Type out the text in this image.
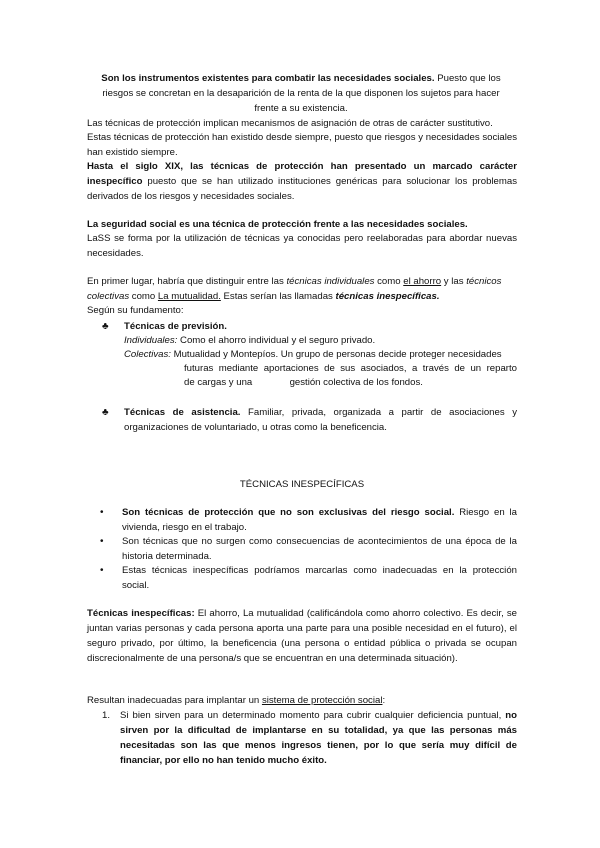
Son los instrumentos existentes para combatir las necesidades sociales. Puesto que los riesgos se concretan en la desaparición de la renta de la que disponen los sujetos para hacer frente a su existencia.
Las técnicas de protección implican mecanismos de asignación de otras de carácter sustitutivo.
Estas técnicas de protección han existido desde siempre, puesto que riesgos y necesidades sociales han existido siempre.
Hasta el siglo XIX, las técnicas de protección han presentado un marcado carácter inespecífico puesto que se han utilizado instituciones genéricas para solucionar los problemas derivados de los riesgos y necesidades sociales.
La seguridad social es una técnica de protección frente a las necesidades sociales.
LaSS se forma por la utilización de técnicas ya conocidas pero reelaboradas para abordar nuevas necesidades.
En primer lugar, habría que distinguir entre las técnicas individuales como el ahorro y las técnicos colectivas como La mutualidad. Estas serían las llamadas técnicas inespecíficas.
Según su fundamento:
♣	Técnicas de previsión.
Individuales: Como el ahorro individual y el seguro privado.
Colectivas: Mutualidad y Montepíos. Un grupo de personas decide proteger necesidades
futuras mediante aportaciones de sus asociados, a través de un reparto
de cargas y una              gestión colectiva de los fondos.
♣	Técnicas de asistencia. Familiar, privada, organizada a partir de asociaciones y organizaciones de voluntariado, u otras como la beneficencia.
TÉCNICAS INESPECÍFICAS
•	Son técnicas de protección que no son exclusivas del riesgo social. Riesgo en la vivienda, riesgo en el trabajo.
•	Son técnicas que no surgen como consecuencias de acontecimientos de una época de la historia determinada.
•	Estas técnicas inespecíficas podríamos marcarlas como inadecuadas en la protección social.
Técnicas inespecíficas: El ahorro, La mutualidad (calificándola como ahorro colectivo. Es decir, se juntan varias personas y cada persona aporta una parte para una posible necesidad en el futuro), el seguro privado, por último, la beneficencia (una persona o entidad pública o privada se ocupan discrecionalmente de una persona/s que se encuentran en una determinada situación).
Resultan inadecuadas para implantar un sistema de protección social:
1.	Si bien sirven para un determinado momento para cubrir cualquier deficiencia puntual, no sirven por la dificultad de implantarse en su totalidad, ya que las personas más necesitadas son las que menos ingresos tienen, por lo que sería muy difícil de financiar, por ello no han tenido mucho éxito.
